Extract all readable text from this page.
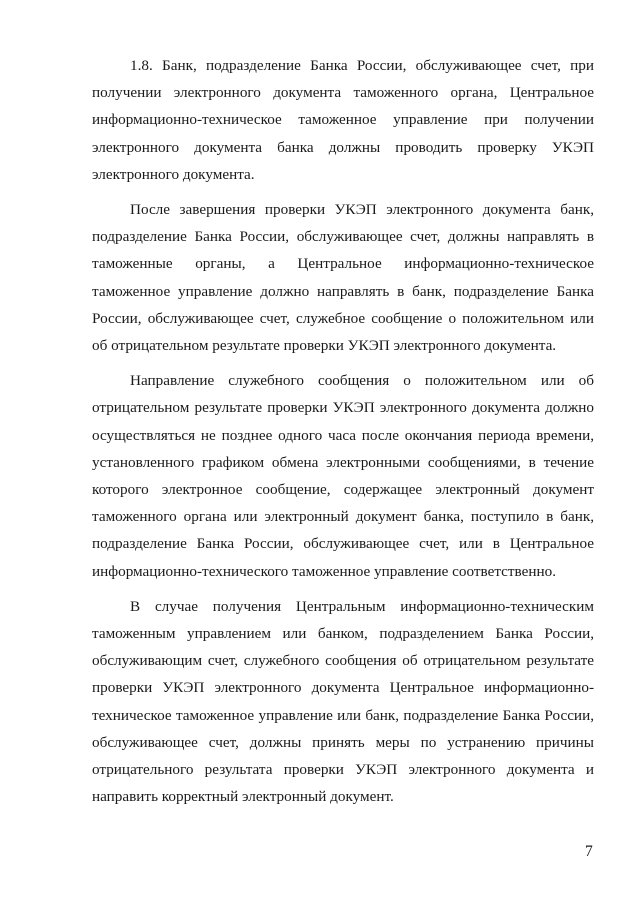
1.8. Банк, подразделение Банка России, обслуживающее счет, при получении электронного документа таможенного органа, Центральное информационно-техническое таможенное управление при получении электронного документа банка должны проводить проверку УКЭП электронного документа.

После завершения проверки УКЭП электронного документа банк, подразделение Банка России, обслуживающее счет, должны направлять в таможенные органы, а Центральное информационно-техническое таможенное управление должно направлять в банк, подразделение Банка России, обслуживающее счет, служебное сообщение о положительном или об отрицательном результате проверки УКЭП электронного документа.

Направление служебного сообщения о положительном или об отрицательном результате проверки УКЭП электронного документа должно осуществляться не позднее одного часа после окончания периода времени, установленного графиком обмена электронными сообщениями, в течение которого электронное сообщение, содержащее электронный документ таможенного органа или электронный документ банка, поступило в банк, подразделение Банка России, обслуживающее счет, или в Центральное информационно-технического таможенное управление соответственно.

В случае получения Центральным информационно-техническим таможенным управлением или банком, подразделением Банка России, обслуживающим счет, служебного сообщения об отрицательном результате проверки УКЭП электронного документа Центральное информационно-техническое таможенное управление или банк, подразделение Банка России, обслуживающее счет, должны принять меры по устранению причины отрицательного результата проверки УКЭП электронного документа и направить корректный электронный документ.

7
